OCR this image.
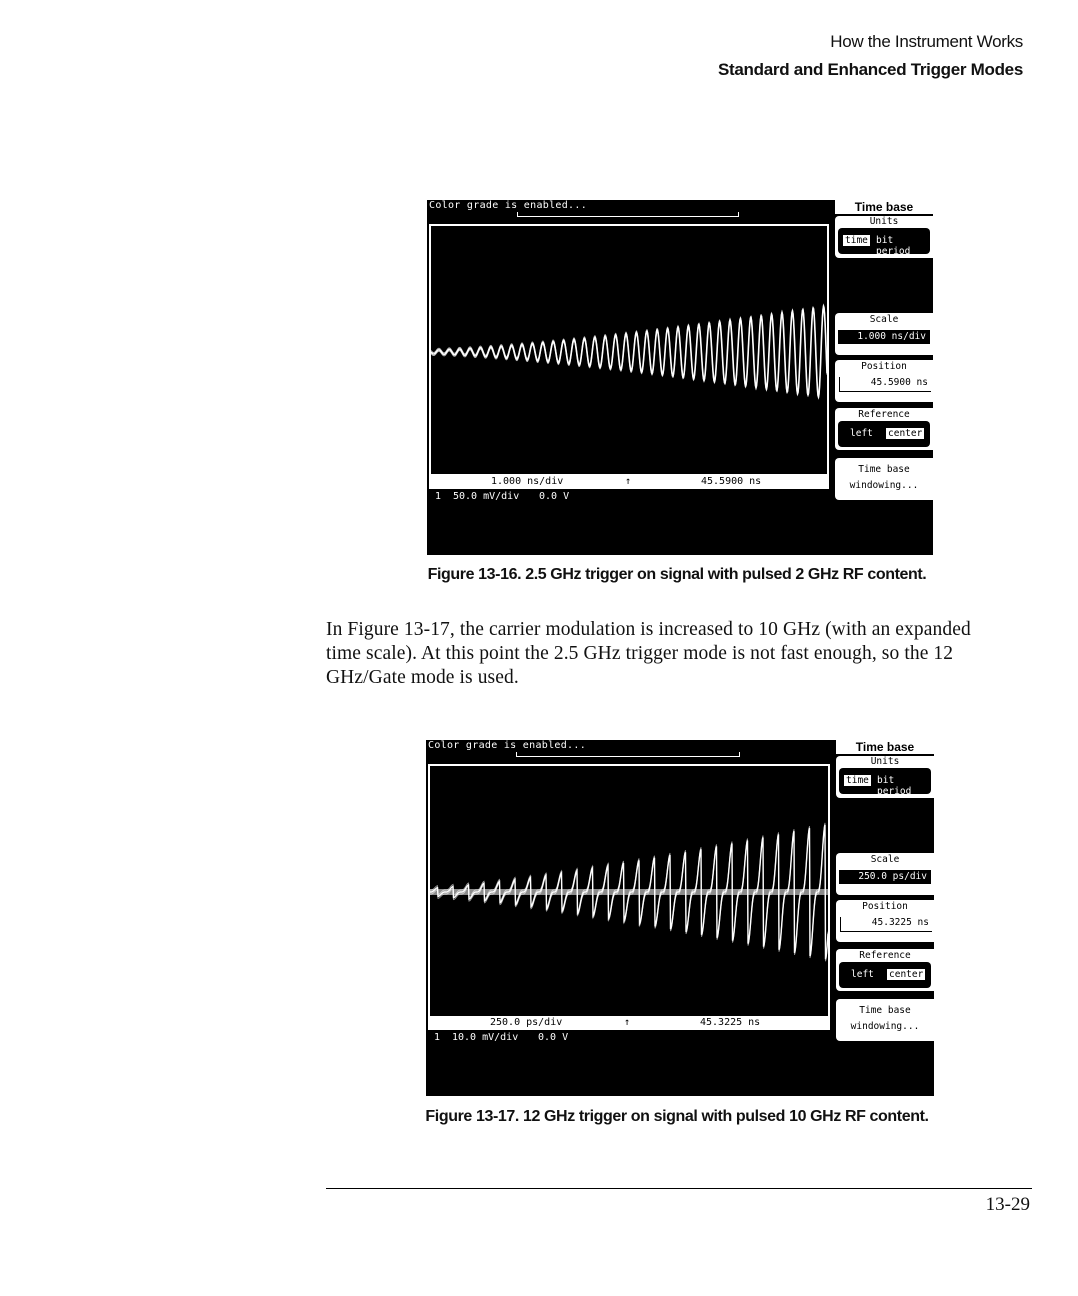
How the Instrument Works
Standard and Enhanced Trigger Modes
Color grade is enabled...
1.000 ns/div	↑	45.5900 ns
1 50.0 mV/div 0.0 V
Time base
Units
time bit period
Scale
1.000 ns/div
Position
45.5900 ns
Reference
left center
Time base
windowing...
Figure 13-16. 2.5 GHz trigger on signal with pulsed 2 GHz RF content.
In Figure 13-17, the carrier modulation is increased to 10 GHz (with an expanded time scale). At this point the 2.5 GHz trigger mode is not fast enough, so the 12 GHz/Gate mode is used.
Color grade is enabled...
250.0 ps/div	↑	45.3225 ns
1 10.0 mV/div 0.0 V
Time base
Units
time bit period
Scale
250.0 ps/div
Position
45.3225 ns
Reference
left center
Time base
windowing...
Figure 13-17. 12 GHz trigger on signal with pulsed 10 GHz RF content.
13-29
